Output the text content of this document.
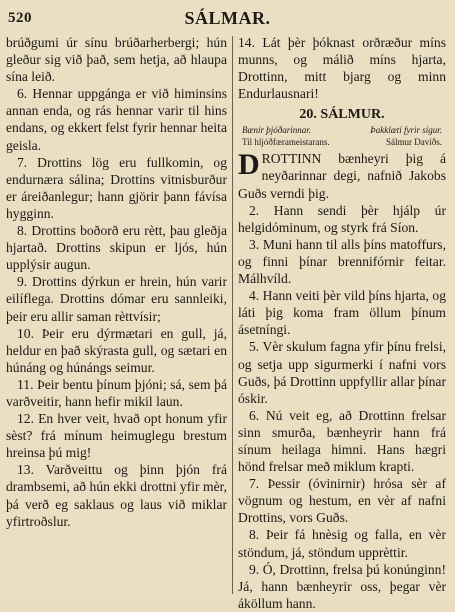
520	SÁLMAR.

brúðgumi úr sínu brúðarherbergi; hún gleður sig við það, sem hetja, að hlaupa sína leið.

6. Hennar uppgánga er við himinsins annan enda, og rás hennar varir til hins endans, og ekkert felst fyrir hennar heita geisla.

7. Drottins lög eru fullkomin, og endurnæra sálina; Drottins vitnisburður er áreiðanlegur; hann gjörir þann fávísa hygginn.

8. Drottins boðorð eru rètt, þau gleðja hjartað. Drottins skipun er ljós, hún upplýsir augun.

9. Drottins dýrkun er hrein, hún varir eilíflega. Drottins dómar eru sannleiki, þeir eru allir saman rèttvísir;

10. Þeir eru dýrmætari en gull, já, heldur en það skýrasta gull, og sætari en húnáng og húnángs seimur.

11. Þeir bentu þínum þjóni; sá, sem þá varðveitir, hann hefir mikil laun.

12. En hver veit, hvað opt honum yfir sèst? frá mínum heimuglegu brestum hreinsa þú mig!

13. Varðveittu og þinn þjón frá drambsemi, að hún ekki drottni yfir mèr, þá verð eg saklaus og laus við miklar yfirtroðslur.

14. Lát þèr þóknast orðræður míns munns, og málið míns hjarta, Drottinn, mitt bjarg og minn Endurlausnari!

20. SÁLMUR.
Bænir þjóðarinnar.	Þakklæti fyrir sigur.
Til hljóðfærameistarans.	Sálmur Davíðs.

DROTTINN bænheyri þig á neyðarinnar degi, nafnið Jakobs Guðs verndi þig.

2. Hann sendi þèr hjálp úr helgidóminum, og styrk frá Síon.

3. Muni hann til alls þíns matoffurs, og finni þínar brennifórnir feitar. Málhvíld.

4. Hann veiti þèr vild þíns hjarta, og láti þig koma fram öllum þínum ásetníngi.

5. Vèr skulum fagna yfir þínu frelsi, og setja upp sigurmerki í nafni vors Guðs, þá Drottinn uppfyllir allar þínar óskir.

6. Nú veit eg, að Drottinn frelsar sinn smurða, bænheyrir hann frá sínum heilaga himni. Hans hægri hönd frelsar með miklum krapti.

7. Þessir (óvinirnir) hrósa sèr af vögnum og hestum, en vèr af nafni Drottins, vors Guðs.

8. Þeir fá hnèsig og falla, en vèr stöndum, já, stöndum upprèttir.

9. Ó, Drottinn, frelsa þú konúnginn! Já, hann bænheyrir oss, þegar vèr áköllum hann.
